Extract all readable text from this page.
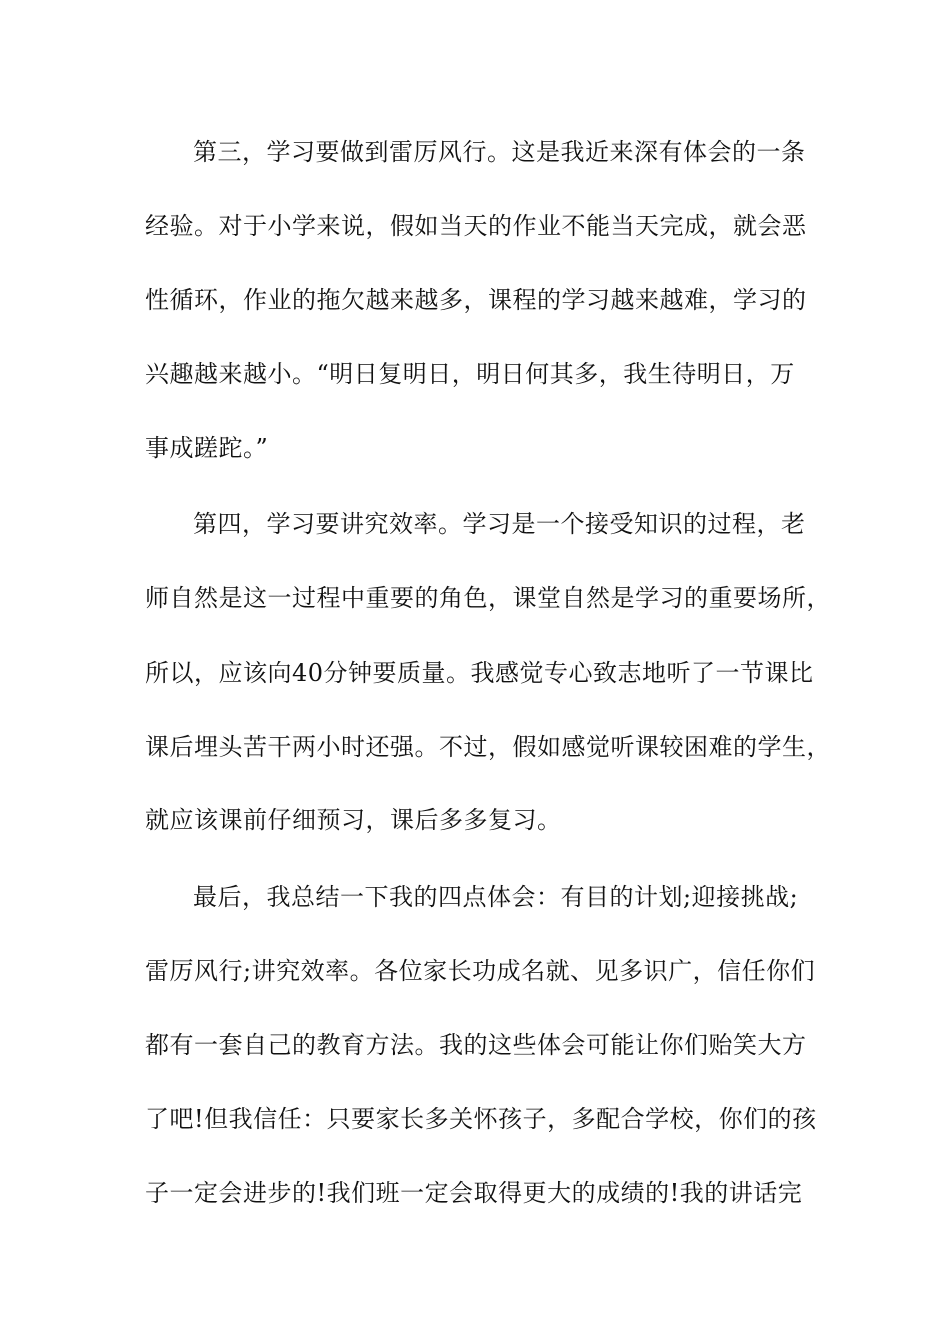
第三，学习要做到雷厉风行。这是我近来深有体会的一条
经验。对于小学来说，假如当天的作业不能当天完成，就会恶
性循环，作业的拖欠越来越多，课程的学习越来越难，学习的
兴趣越来越小。“明日复明日，明日何其多，我生待明日，万
事成蹉跎。”
第四，学习要讲究效率。学习是一个接受知识的过程，老
师自然是这一过程中重要的角色，课堂自然是学习的重要场所，
所以，应该向40分钟要质量。我感觉专心致志地听了一节课比
课后埋头苦干两小时还强。不过，假如感觉听课较困难的学生，
就应该课前仔细预习，课后多多复习。
最后，我总结一下我的四点体会：有目的计划;迎接挑战;
雷厉风行;讲究效率。各位家长功成名就、见多识广，信任你们
都有一套自己的教育方法。我的这些体会可能让你们贻笑大方
了吧!但我信任：只要家长多关怀孩子，多配合学校，你们的孩
子一定会进步的!我们班一定会取得更大的成绩的!我的讲话完
